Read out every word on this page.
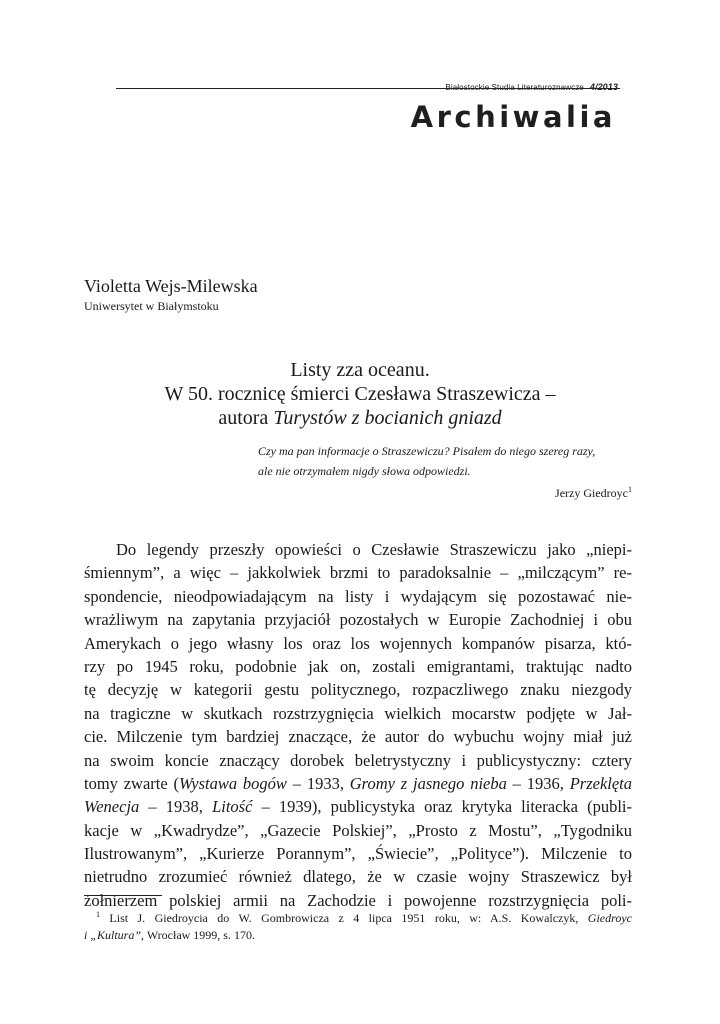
Białostockie Studia Literaturoznawcze 4/2013
Archiwalia
Violetta Wejs-Milewska
Uniwersytet w Białymstoku
Listy zza oceanu.
W 50. rocznicę śmierci Czesława Straszewicza –
autora Turystów z bocianich gniazd
Czy ma pan informacje o Straszewiczu? Pisałem do niego szereg razy,
ale nie otrzymałem nigdy słowa odpowiedzi.
Jerzy Giedroyc$^1$
Do legendy przeszły opowieści o Czesławie Straszewiczu jako „niepi-
śmiennym”, a więc – jakkolwiek brzmi to paradoksalnie – „milczącym” re-
spondencie, nieodpowiadającym na listy i wydającym się pozostawać nie-
wrażliwym na zapytania przyjaciół pozostałych w Europie Zachodniej i obu
Amerykach o jego własny los oraz los wojennych kompanów pisarza, któ-
rzy po 1945 roku, podobnie jak on, zostali emigrantami, traktując nadto
tę decyzję w kategorii gestu politycznego, rozpaczliwego znaku niezgody
na tragiczne w skutkach rozstrzygnięcia wielkich mocarstw podjęte w Jał-
cie. Milczenie tym bardziej znaczące, że autor do wybuchu wojny miał już
na swoim koncie znaczący dorobek beletrystyczny i publicystyczny: cztery
tomy zwarte (Wystawa bogów – 1933, Gromy z jasnego nieba – 1936, Przeklęta
Wenecja – 1938, Litość – 1939), publicystyka oraz krytyka literacka (publi-
kacje w „Kwadrydze”, „Gazecie Polskiej”, „Prosto z Mostu”, „Tygodniku
Ilustrowanym”, „Kurierze Porannym”, „Świecie”, „Polityce”). Milczenie to
nietrudno zrozumieć również dlatego, że w czasie wojny Straszewicz był
żołnierzem polskiej armii na Zachodzie i powojenne rozstrzygnięcia poli-
$^1$ List J. Giedroycia do W. Gombrowicza z 4 lipca 1951 roku, w: A.S. Kowalczyk, Giedroyc
i „Kultura”, Wrocław 1999, s. 170.
